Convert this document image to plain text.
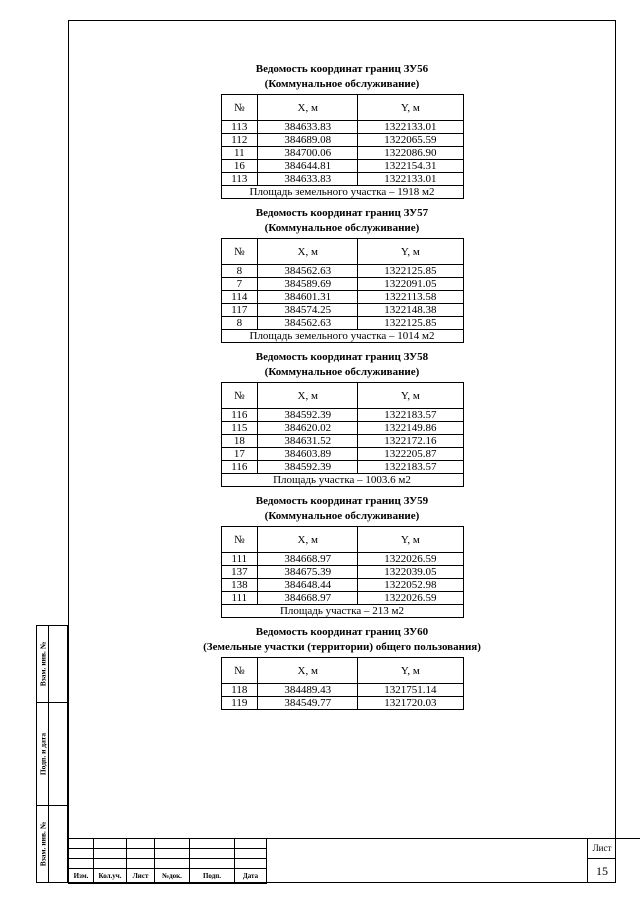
Ведомость координат границ ЗУ56
(Коммунальное обслуживание)
№	X, м	Y, м
113	384633.83	1322133.01
112	384689.08	1322065.59
11	384700.06	1322086.90
16	384644.81	1322154.31
113	384633.83	1322133.01
Площадь земельного участка – 1918 м2		
Ведомость координат границ ЗУ57
(Коммунальное обслуживание)
№	X, м	Y, м
8	384562.63	1322125.85
7	384589.69	1322091.05
114	384601.31	1322113.58
117	384574.25	1322148.38
8	384562.63	1322125.85
Площадь земельного участка – 1014 м2		
Ведомость координат границ ЗУ58
(Коммунальное обслуживание)
№	X, м	Y, м
116	384592.39	1322183.57
115	384620.02	1322149.86
18	384631.52	1322172.16
17	384603.89	1322205.87
116	384592.39	1322183.57
Площадь участка – 1003.6 м2		
Ведомость координат границ ЗУ59
(Коммунальное обслуживание)
№	X, м	Y, м
111	384668.97	1322026.59
137	384675.39	1322039.05
138	384648.44	1322052.98
111	384668.97	1322026.59
Площадь участка – 213 м2		
Ведомость координат границ ЗУ60
(Земельные участки (территории) общего пользования)
№	X, м	Y, м
118	384489.43	1321751.14
119	384549.77	1321720.03
Взам. инв. №
Подп. и дата
Взам. инв. №

Изм.	Кол.уч.	Лист	№док.	Подп.	Дата
Лист
15
